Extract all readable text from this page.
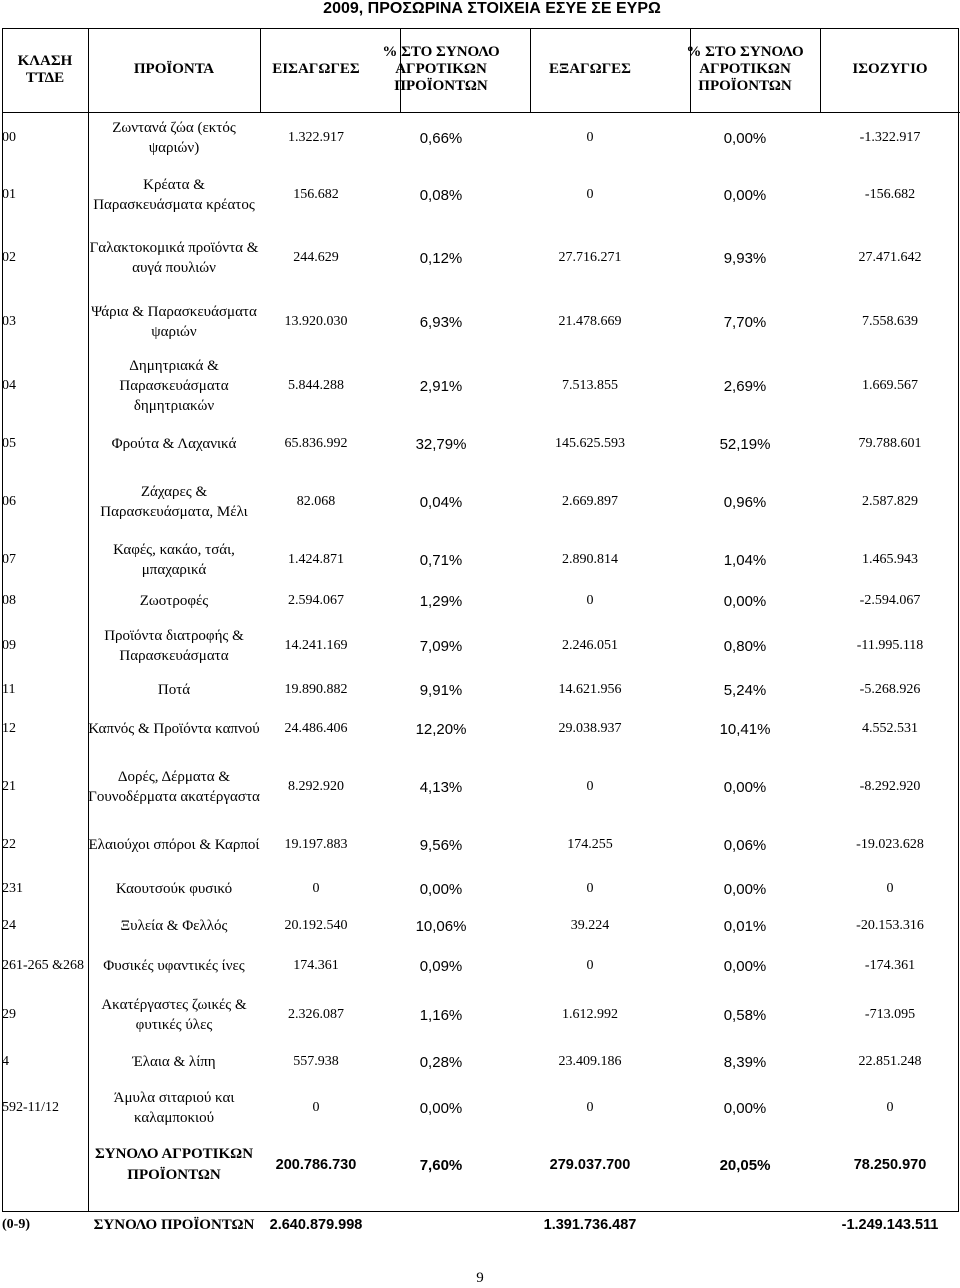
2009, ΠΡΟΣΩΡΙΝΑ ΣΤΟΙΧΕΙΑ ΕΣΥΕ ΣΕ ΕΥΡΩ
ΚΛΑΣΗ ΤΤΔΕ	ΠΡΟΪΟΝΤΑ	ΕΙΣΑΓΩΓΕΣ	% ΣΤΟ ΣΥΝΟΛΟ ΑΓΡΟΤΙΚΩΝ ΠΡΟΪΟΝΤΩΝ	ΕΞΑΓΩΓΕΣ	% ΣΤΟ ΣΥΝΟΛΟ ΑΓΡΟΤΙΚΩΝ ΠΡΟΪΟΝΤΩΝ	ΙΣΟΖΥΓΙΟ
00	Ζωντανά ζώα (εκτός ψαριών)	1.322.917	0,66%	0	0,00%	-1.322.917
01	Κρέατα & Παρασκευάσματα κρέατος	156.682	0,08%	0	0,00%	-156.682
02	Γαλακτοκομικά προϊόντα & αυγά πουλιών	244.629	0,12%	27.716.271	9,93%	27.471.642
03	Ψάρια & Παρασκευάσματα ψαριών	13.920.030	6,93%	21.478.669	7,70%	7.558.639
04	Δημητριακά & Παρασκευάσματα δημητριακών	5.844.288	2,91%	7.513.855	2,69%	1.669.567
05	Φρούτα & Λαχανικά	65.836.992	32,79%	145.625.593	52,19%	79.788.601
06	Ζάχαρες & Παρασκευάσματα, Μέλι	82.068	0,04%	2.669.897	0,96%	2.587.829
07	Καφές, κακάο, τσάι, μπαχαρικά	1.424.871	0,71%	2.890.814	1,04%	1.465.943
08	Ζωοτροφές	2.594.067	1,29%	0	0,00%	-2.594.067
09	Προϊόντα διατροφής & Παρασκευάσματα	14.241.169	7,09%	2.246.051	0,80%	-11.995.118
11	Ποτά	19.890.882	9,91%	14.621.956	5,24%	-5.268.926
12	Καπνός & Προϊόντα καπνού	24.486.406	12,20%	29.038.937	10,41%	4.552.531
21	Δορές, Δέρματα & Γουνοδέρματα ακατέργαστα	8.292.920	4,13%	0	0,00%	-8.292.920
22	Ελαιούχοι σπόροι & Καρποί	19.197.883	9,56%	174.255	0,06%	-19.023.628
231	Καουτσούκ φυσικό	0	0,00%	0	0,00%	0
24	Ξυλεία & Φελλός	20.192.540	10,06%	39.224	0,01%	-20.153.316
261-265 &268	Φυσικές υφαντικές ίνες	174.361	0,09%	0	0,00%	-174.361
29	Ακατέργαστες ζωικές & φυτικές ύλες	2.326.087	1,16%	1.612.992	0,58%	-713.095
4	Έλαια & λίπη	557.938	0,28%	23.409.186	8,39%	22.851.248
592-11/12	Άμυλα σιταριού και καλαμποκιού	0	0,00%	0	0,00%	0
	ΣΥΝΟΛΟ ΑΓΡΟΤΙΚΩΝ ΠΡΟΪΟΝΤΩΝ	200.786.730	7,60%	279.037.700	20,05%	78.250.970
(0-9)	ΣΥΝΟΛΟ ΠΡΟΪΟΝΤΩΝ	2.640.879.998		1.391.736.487		-1.249.143.511
9
